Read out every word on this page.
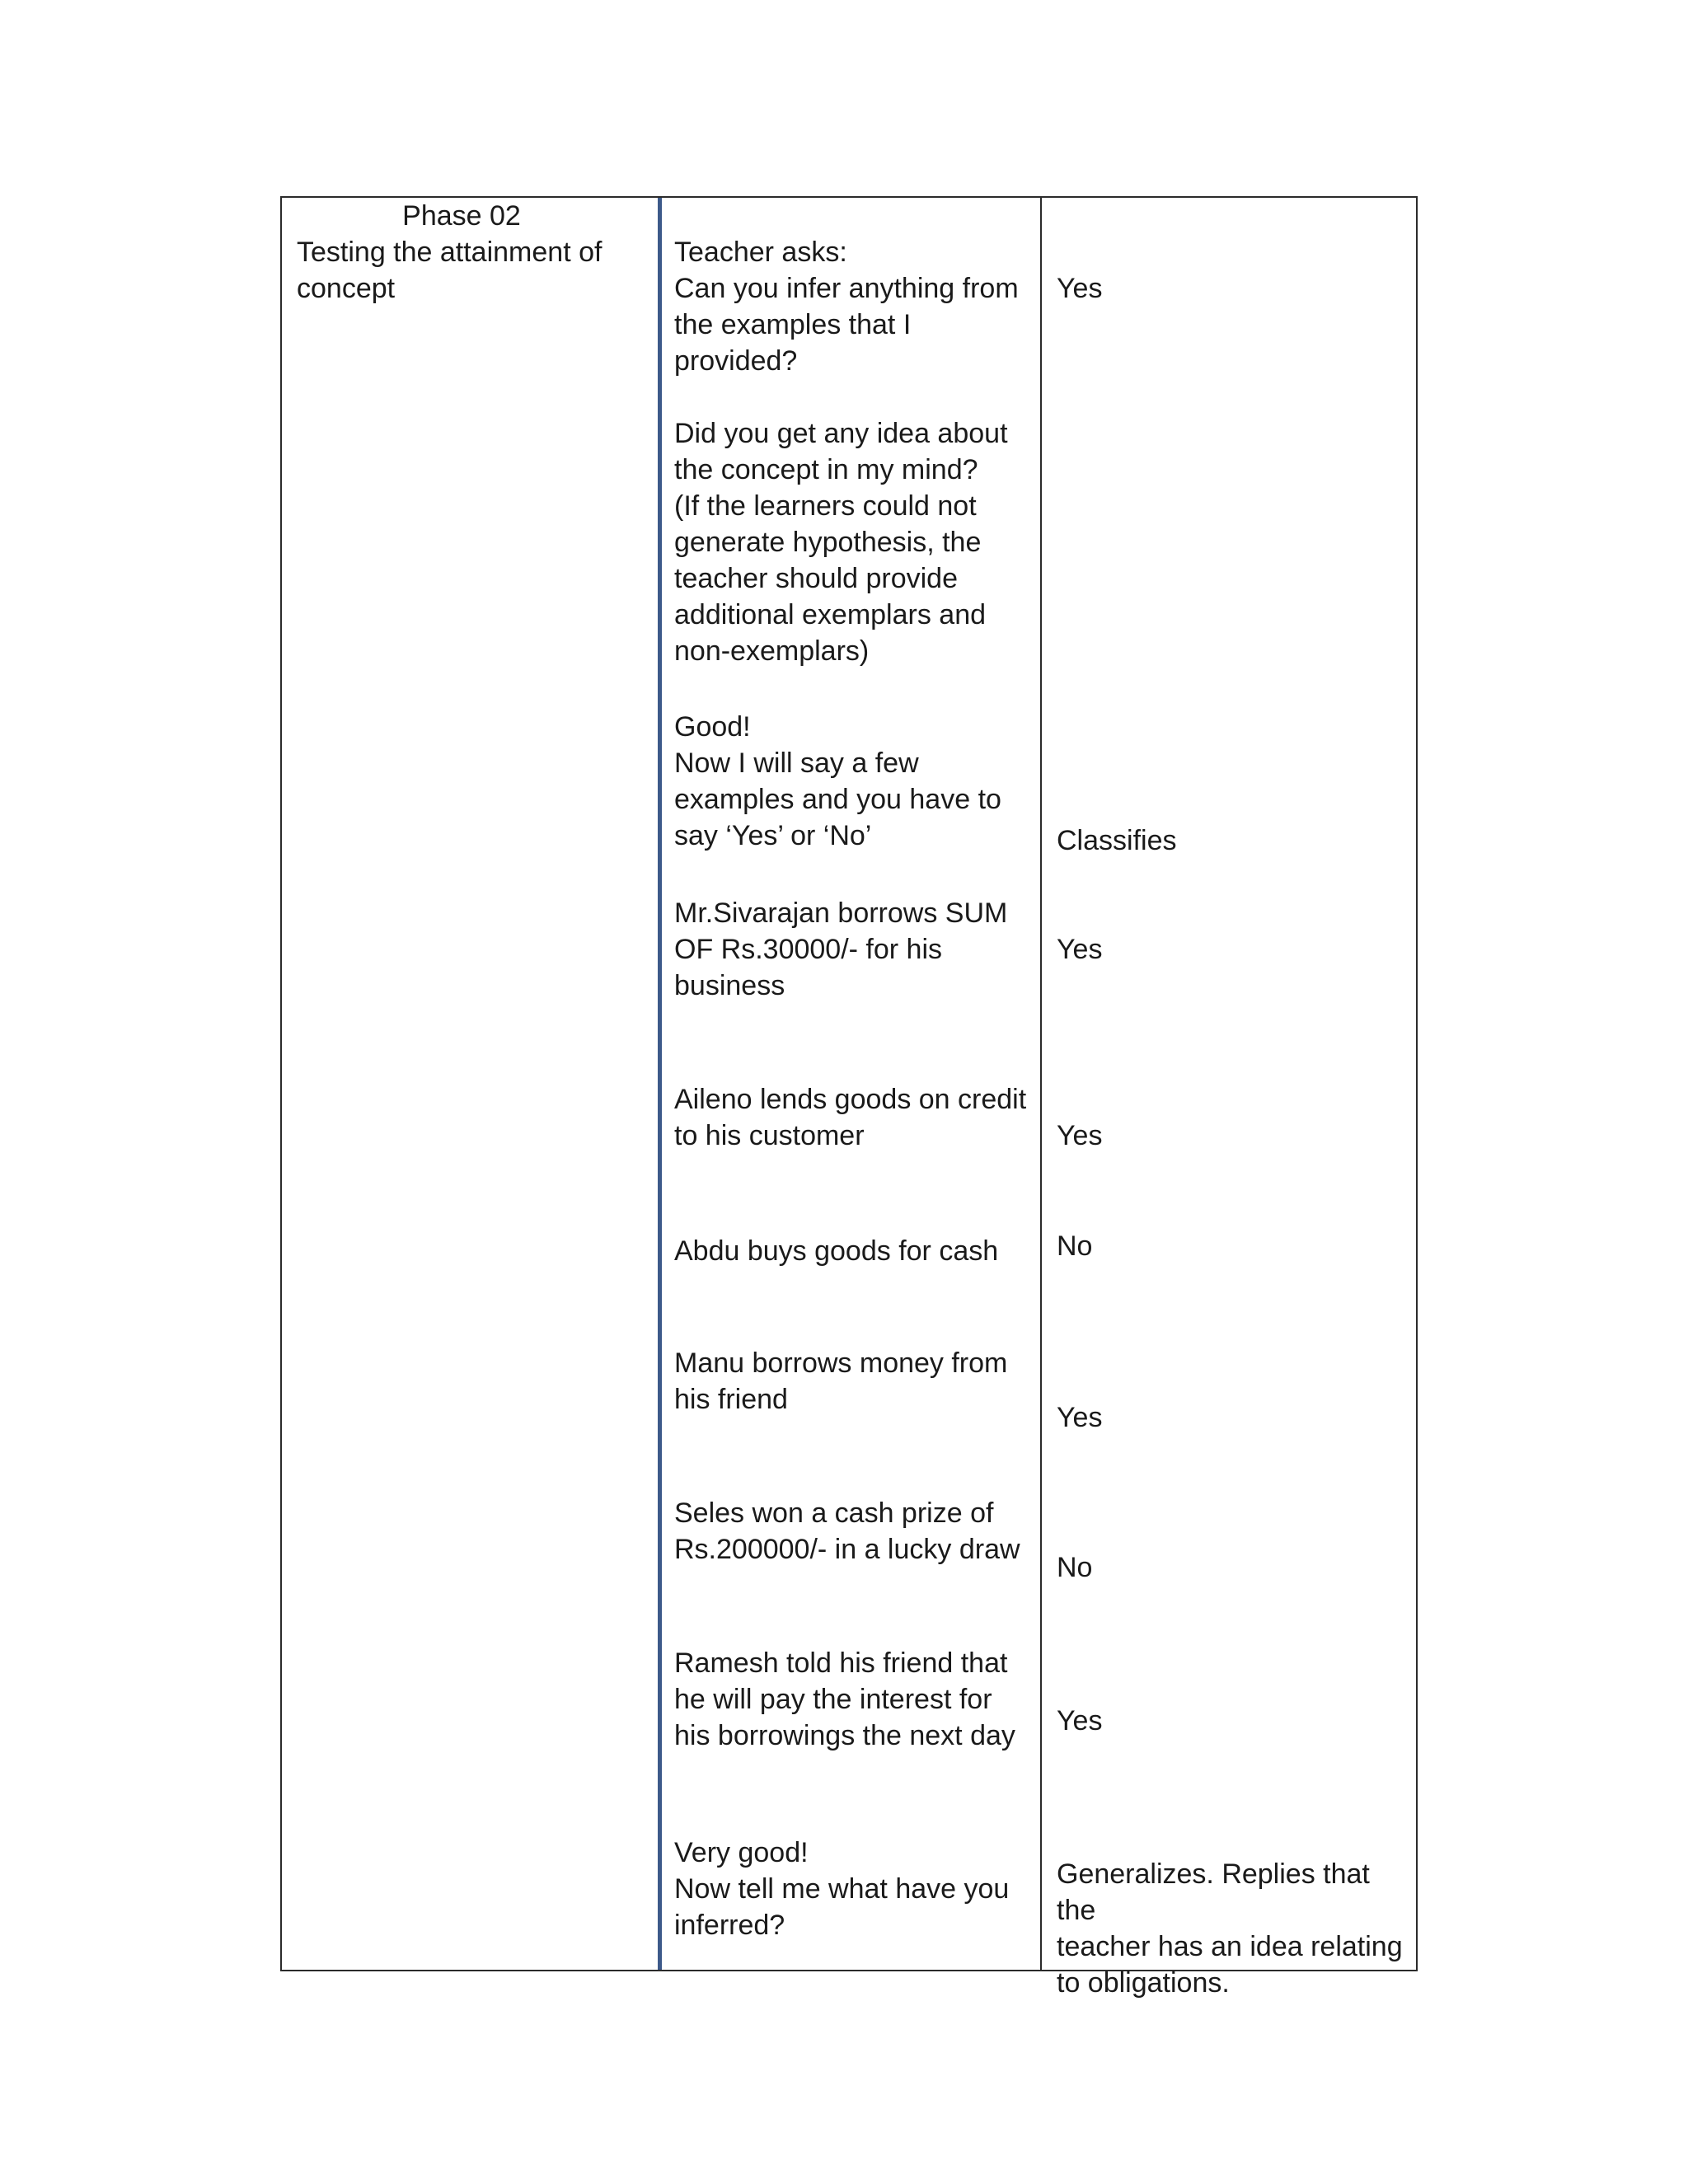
Phase 02

Testing the attainment of
concept

Teacher asks:
Can you infer anything from
the examples that I
provided?

Did you get any idea about
the concept in my mind?
(If the learners could not
generate hypothesis, the
teacher should provide
additional exemplars and
non-exemplars)

Good!
Now I will say a few
examples and you have to
say ‘Yes’ or ‘No’

Mr.Sivarajan borrows SUM
OF Rs.30000/- for his
business

Aileno lends goods on credit
to his customer

Abdu buys goods for cash

Manu borrows money from
his friend

Seles won a cash prize of
Rs.200000/- in a lucky draw

Ramesh told his friend that
he will pay the interest for
his borrowings the next day

Very good!
Now tell me what have you
inferred?

Yes

Classifies

Yes

Yes

No

Yes

No

Yes

Generalizes. Replies that the
teacher has an idea relating
to obligations.
